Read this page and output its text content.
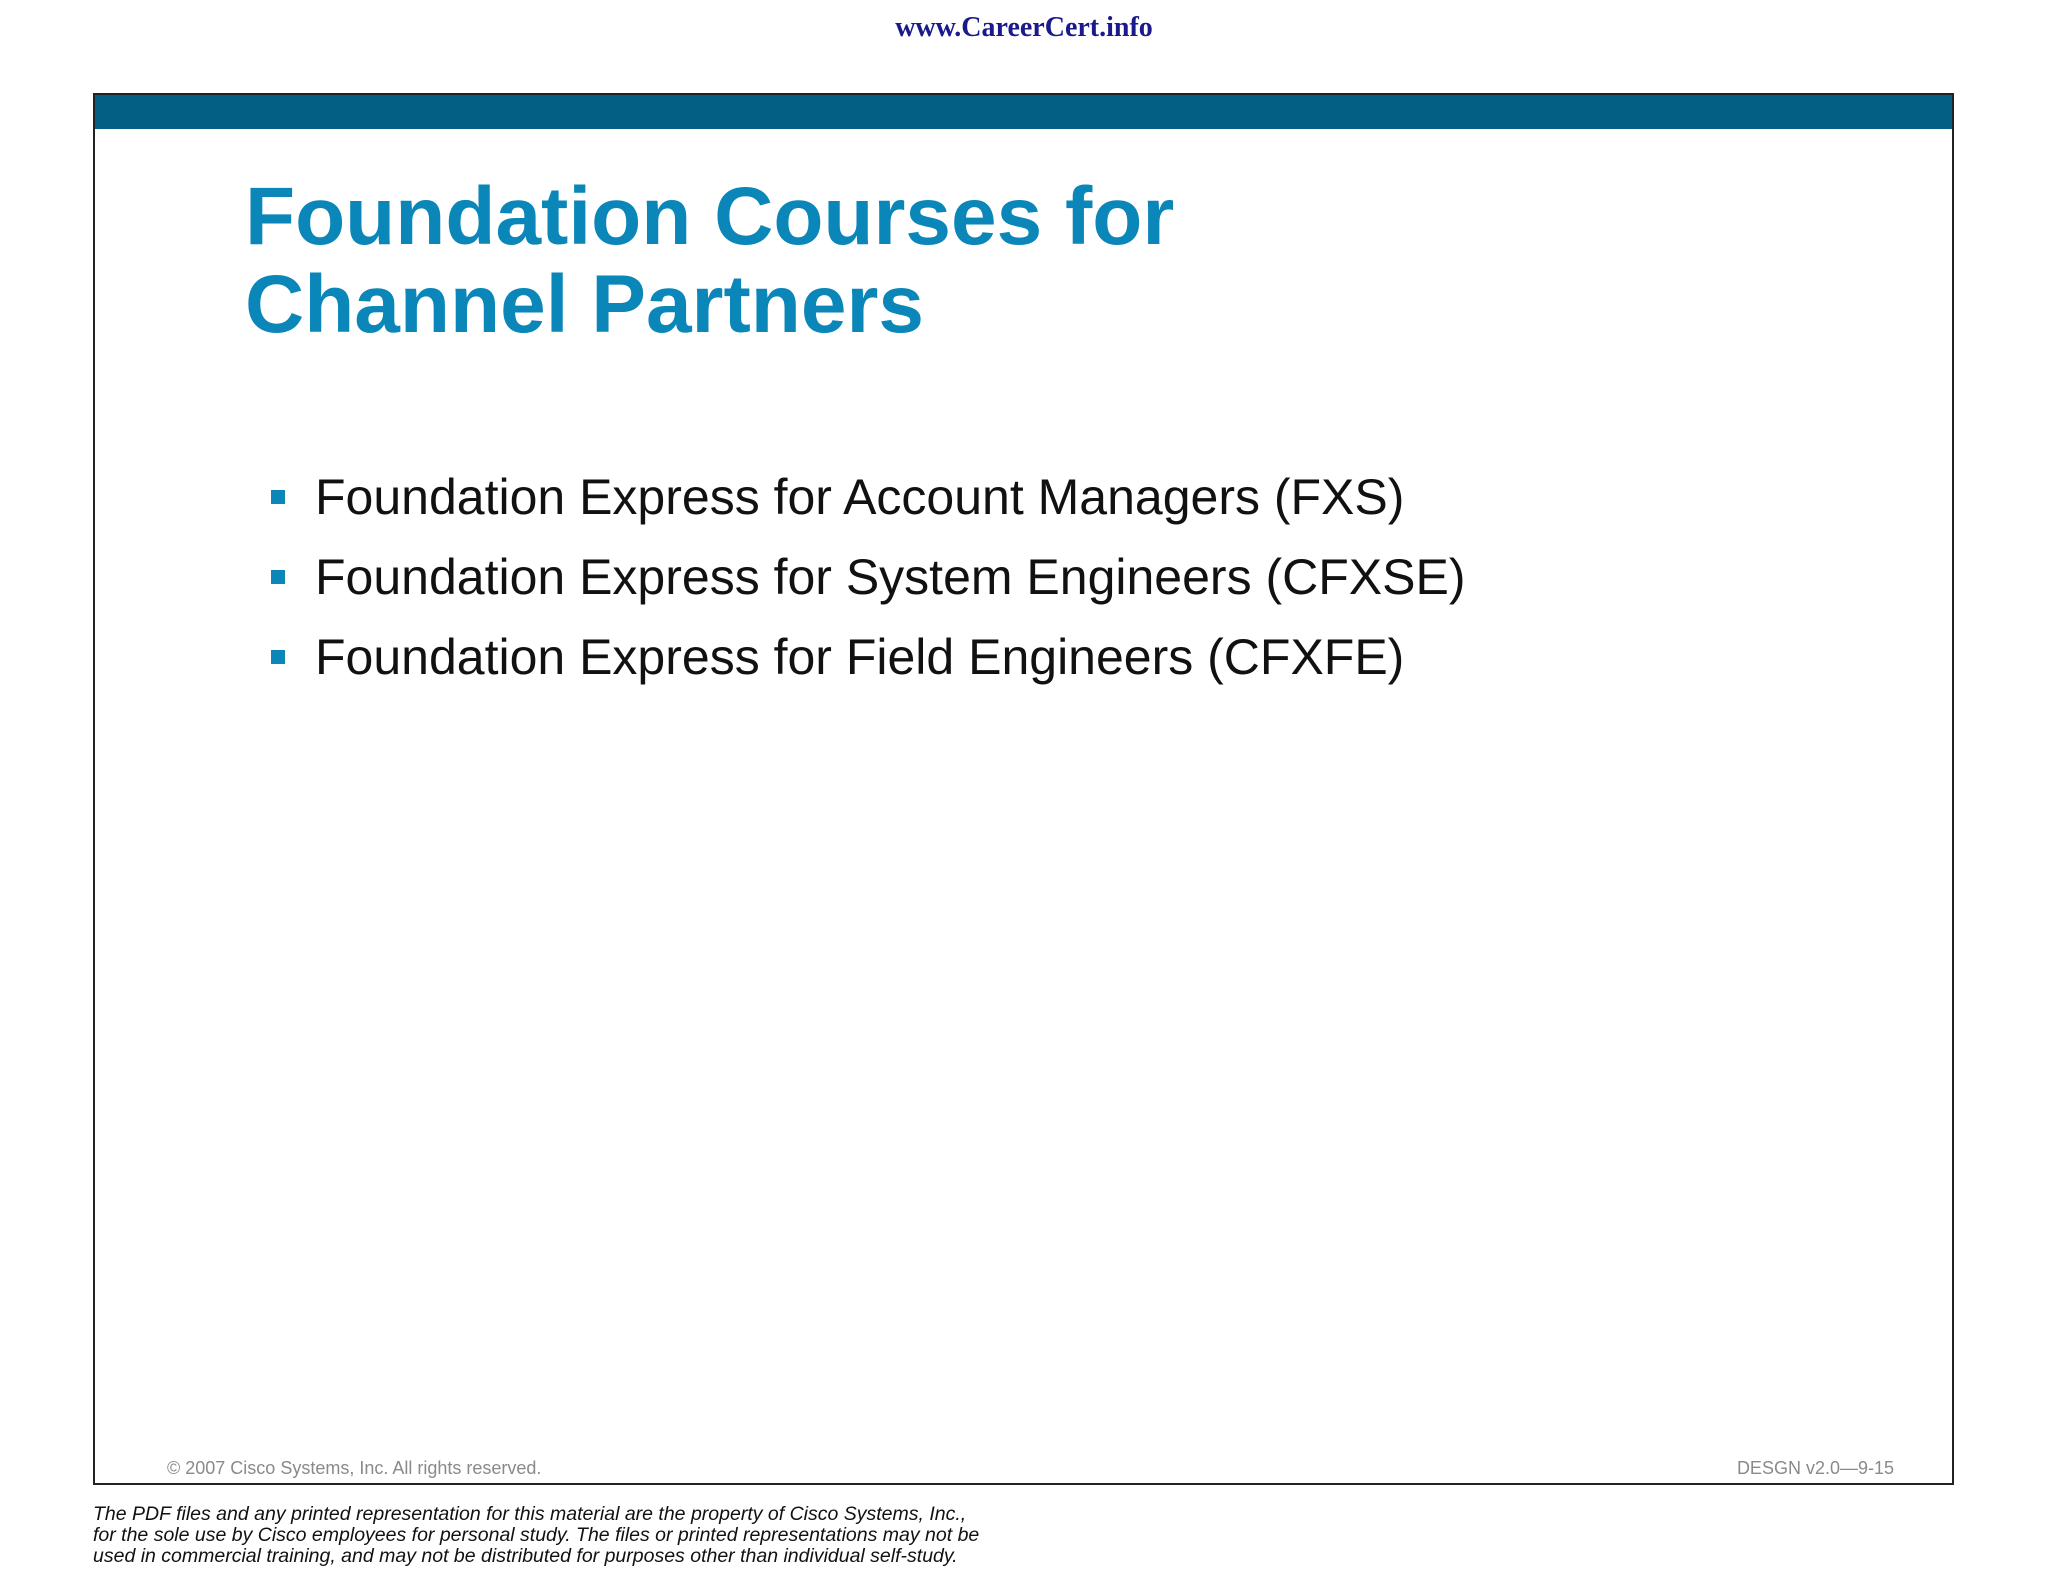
www.CareerCert.info
Foundation Courses for
Channel Partners
Foundation Express for Account Managers (FXS)
Foundation Express for System Engineers (CFXSE)
Foundation Express for Field Engineers (CFXFE)
© 2007 Cisco Systems, Inc. All rights reserved.	DESGN v2.0—9-15

The PDF files and any printed representation for this material are the property of Cisco Systems, Inc.,
for the sole use by Cisco employees for personal study. The files or printed representations may not be
used in commercial training, and may not be distributed for purposes other than individual self-study.
